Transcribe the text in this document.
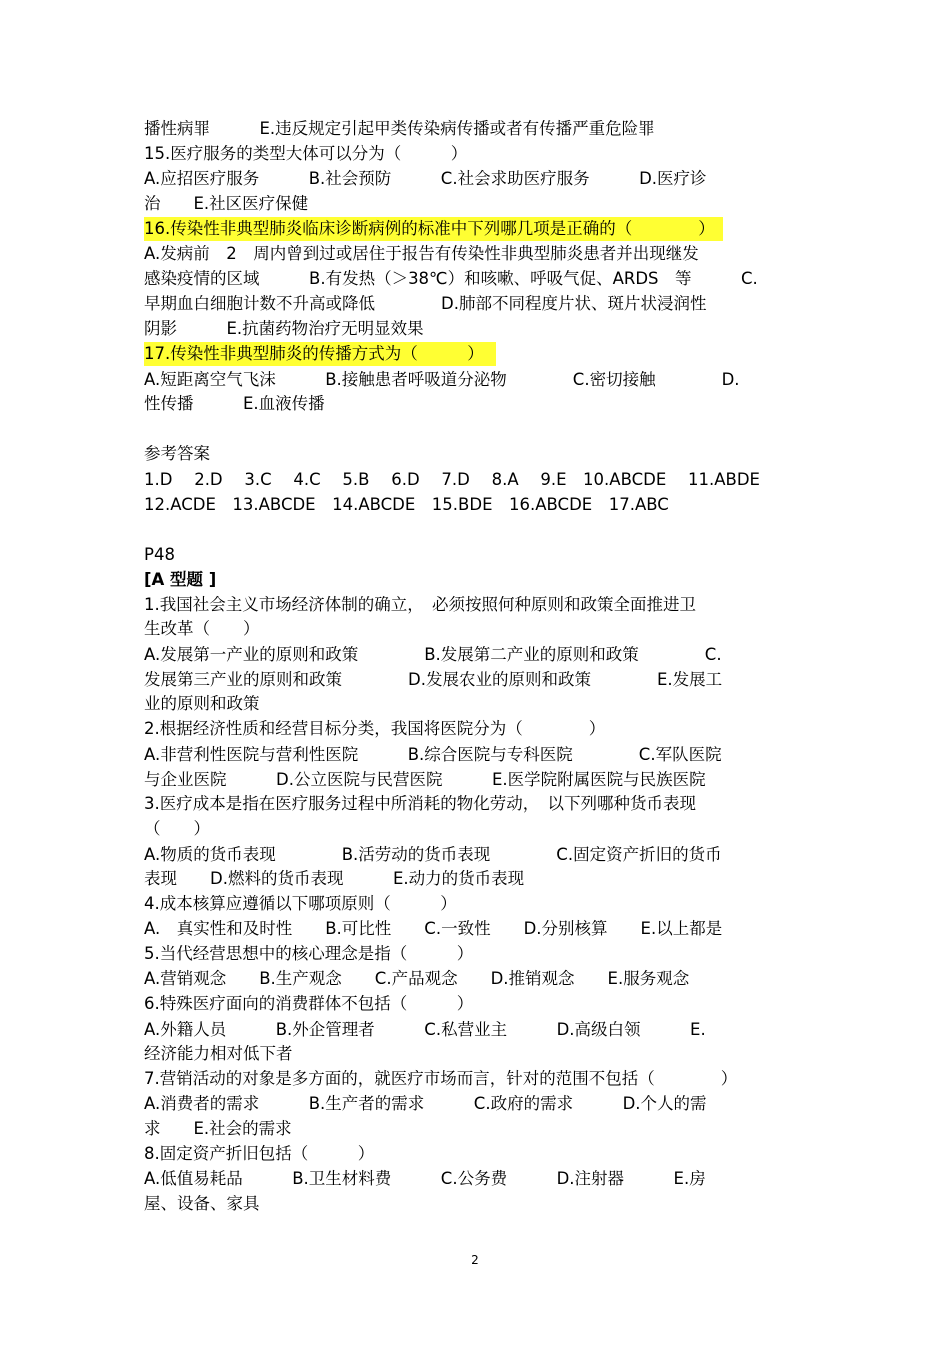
播性病罪　　　E.违反规定引起甲类传染病传播或者有传播严重危险罪

15.医疗服务的类型大体可以分为（　　　）

A.应招医疗服务　　　B.社会预防　　　C.社会求助医疗服务　　　D.医疗诊

治　　E.社区医疗保健

16.传染性非典型肺炎临床诊断病例的标准中下列哪几项是正确的（　　　　）

A.发病前　2　周内曾到过或居住于报告有传染性非典型肺炎患者并出现继发

感染疫情的区域　　　B.有发热（＞38℃）和咳嗽、呼吸气促、ARDS　等　　　C.

早期血白细胞计数不升高或降低　　　　D.肺部不同程度片状、斑片状浸润性

阴影　　　E.抗菌药物治疗无明显效果

17.传染性非典型肺炎的传播方式为（　　　）

A.短距离空气飞沫　　　B.接触患者呼吸道分泌物　　　　C.密切接触　　　　D.

性传播　　　E.血液传播

参考答案

1.D　 2.D　 3.C　 4.C　 5.B　 6.D　 7.D　 8.A　 9.E　10.ABCDE　 11.ABDE

12.ACDE　13.ABCDE　14.ABCDE　15.BDE　16.ABCDE　17.ABC

P48

[A 型题 ]

1.我国社会主义市场经济体制的确立，　必须按照何种原则和政策全面推进卫

生改革（　　）

A.发展第一产业的原则和政策　　　　B.发展第二产业的原则和政策　　　　C.

发展第三产业的原则和政策　　　　D.发展农业的原则和政策　　　　E.发展工

业的原则和政策

2.根据经济性质和经营目标分类，我国将医院分为（　　　　）

A.非营利性医院与营利性医院　　　B.综合医院与专科医院　　　　C.军队医院

与企业医院　　　D.公立医院与民营医院　　　E.医学院附属医院与民族医院

3.医疗成本是指在医疗服务过程中所消耗的物化劳动，　以下列哪种货币表现

（　　）

A.物质的货币表现　　　　B.活劳动的货币表现　　　　C.固定资产折旧的货币

表现　　D.燃料的货币表现　　　E.动力的货币表现

4.成本核算应遵循以下哪项原则（　　　）

A.　真实性和及时性　　B.可比性　　C.一致性　　D.分别核算　　E.以上都是

5.当代经营思想中的核心理念是指（　　　）

A.营销观念　　B.生产观念　　C.产品观念　　D.推销观念　　E.服务观念

6.特殊医疗面向的消费群体不包括（　　　）

A.外籍人员　　　B.外企管理者　　　C.私营业主　　　D.高级白领　　　E.

经济能力相对低下者

7.营销活动的对象是多方面的，就医疗市场而言，针对的范围不包括（　　　　）

A.消费者的需求　　　B.生产者的需求　　　C.政府的需求　　　D.个人的需

求　　E.社会的需求

8.固定资产折旧包括（　　　）

A.低值易耗品　　　B.卫生材料费　　　C.公务费　　　D.注射器　　　E.房

屋、设备、家具

2
